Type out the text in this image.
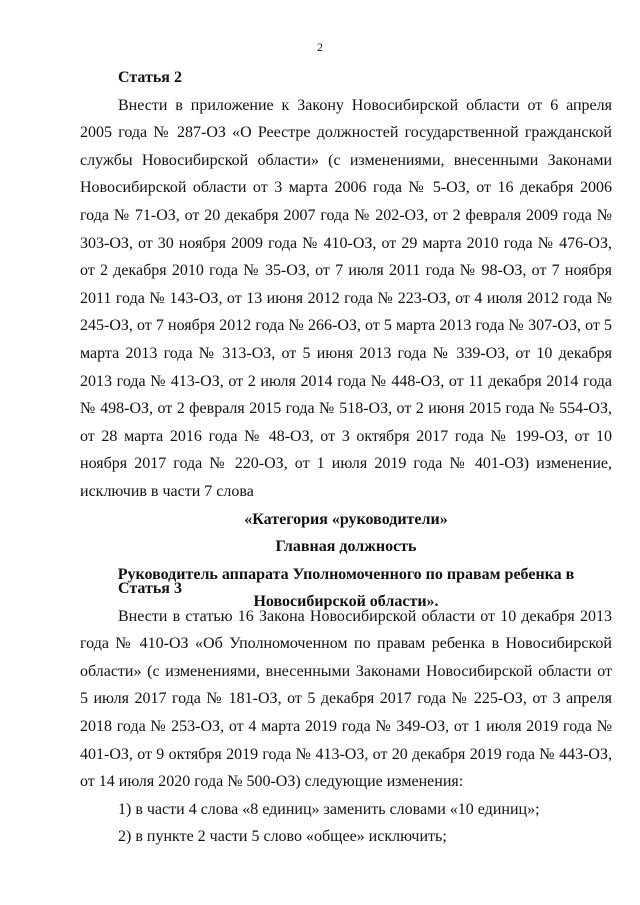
2

Статья 2

Внести в приложение к Закону Новосибирской области от 6 апреля 2005 года № 287-ОЗ «О Реестре должностей государственной гражданской службы Новосибирской области» (с изменениями, внесенными Законами Новосибирской области от 3 марта 2006 года № 5-ОЗ, от 16 декабря 2006 года № 71-ОЗ, от 20 декабря 2007 года № 202-ОЗ, от 2 февраля 2009 года № 303-ОЗ, от 30 ноября 2009 года № 410-ОЗ, от 29 марта 2010 года № 476-ОЗ, от 2 декабря 2010 года № 35-ОЗ, от 7 июля 2011 года № 98-ОЗ, от 7 ноября 2011 года № 143-ОЗ, от 13 июня 2012 года № 223-ОЗ, от 4 июля 2012 года № 245-ОЗ, от 7 ноября 2012 года № 266-ОЗ, от 5 марта 2013 года № 307-ОЗ, от 5 марта 2013 года № 313-ОЗ, от 5 июня 2013 года № 339-ОЗ, от 10 декабря 2013 года № 413-ОЗ, от 2 июля 2014 года № 448-ОЗ, от 11 декабря 2014 года № 498-ОЗ, от 2 февраля 2015 года № 518-ОЗ, от 2 июня 2015 года № 554-ОЗ, от 28 марта 2016 года № 48-ОЗ, от 3 октября 2017 года № 199-ОЗ, от 10 ноября 2017 года № 220-ОЗ, от 1 июля 2019 года № 401-ОЗ) изменение, исключив в части 7 слова

«Категория «руководители»

Главная должность

Руководитель аппарата Уполномоченного по правам ребенка в

Новосибирской области».

Статья 3

Внести в статью 16 Закона Новосибирской области от 10 декабря 2013 года № 410-ОЗ «Об Уполномоченном по правам ребенка в Новосибирской области» (с изменениями, внесенными Законами Новосибирской области от 5 июля 2017 года № 181-ОЗ, от 5 декабря 2017 года № 225-ОЗ, от 3 апреля 2018 года № 253-ОЗ, от 4 марта 2019 года № 349-ОЗ, от 1 июля 2019 года № 401-ОЗ, от 9 октября 2019 года № 413-ОЗ, от 20 декабря 2019 года № 443-ОЗ, от 14 июля 2020 года № 500-ОЗ) следующие изменения:

1) в части 4 слова «8 единиц» заменить словами «10 единиц»;

2) в пункте 2 части 5 слово «общее» исключить;
